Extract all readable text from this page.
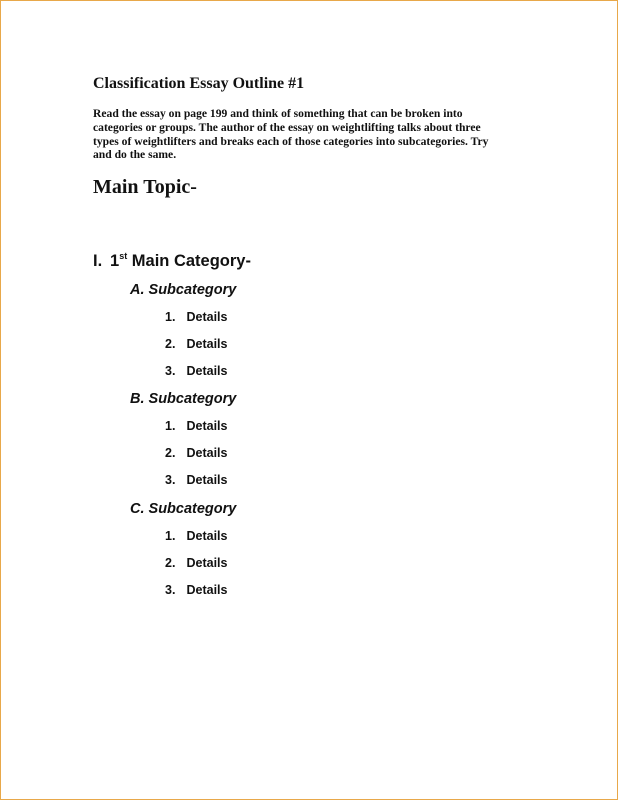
Classification Essay Outline #1

Read the essay on page 199 and think of something that can be broken into
categories or groups. The author of the essay on weightlifting talks about three
types of weightlifters and breaks each of those categories into subcategories. Try
and do the same.

Main Topic-
I. 1st Main Category-
A. Subcategory
1. Details
2. Details
3. Details
B. Subcategory
1. Details
2. Details
3. Details
C. Subcategory
1. Details
2. Details
3. Details
